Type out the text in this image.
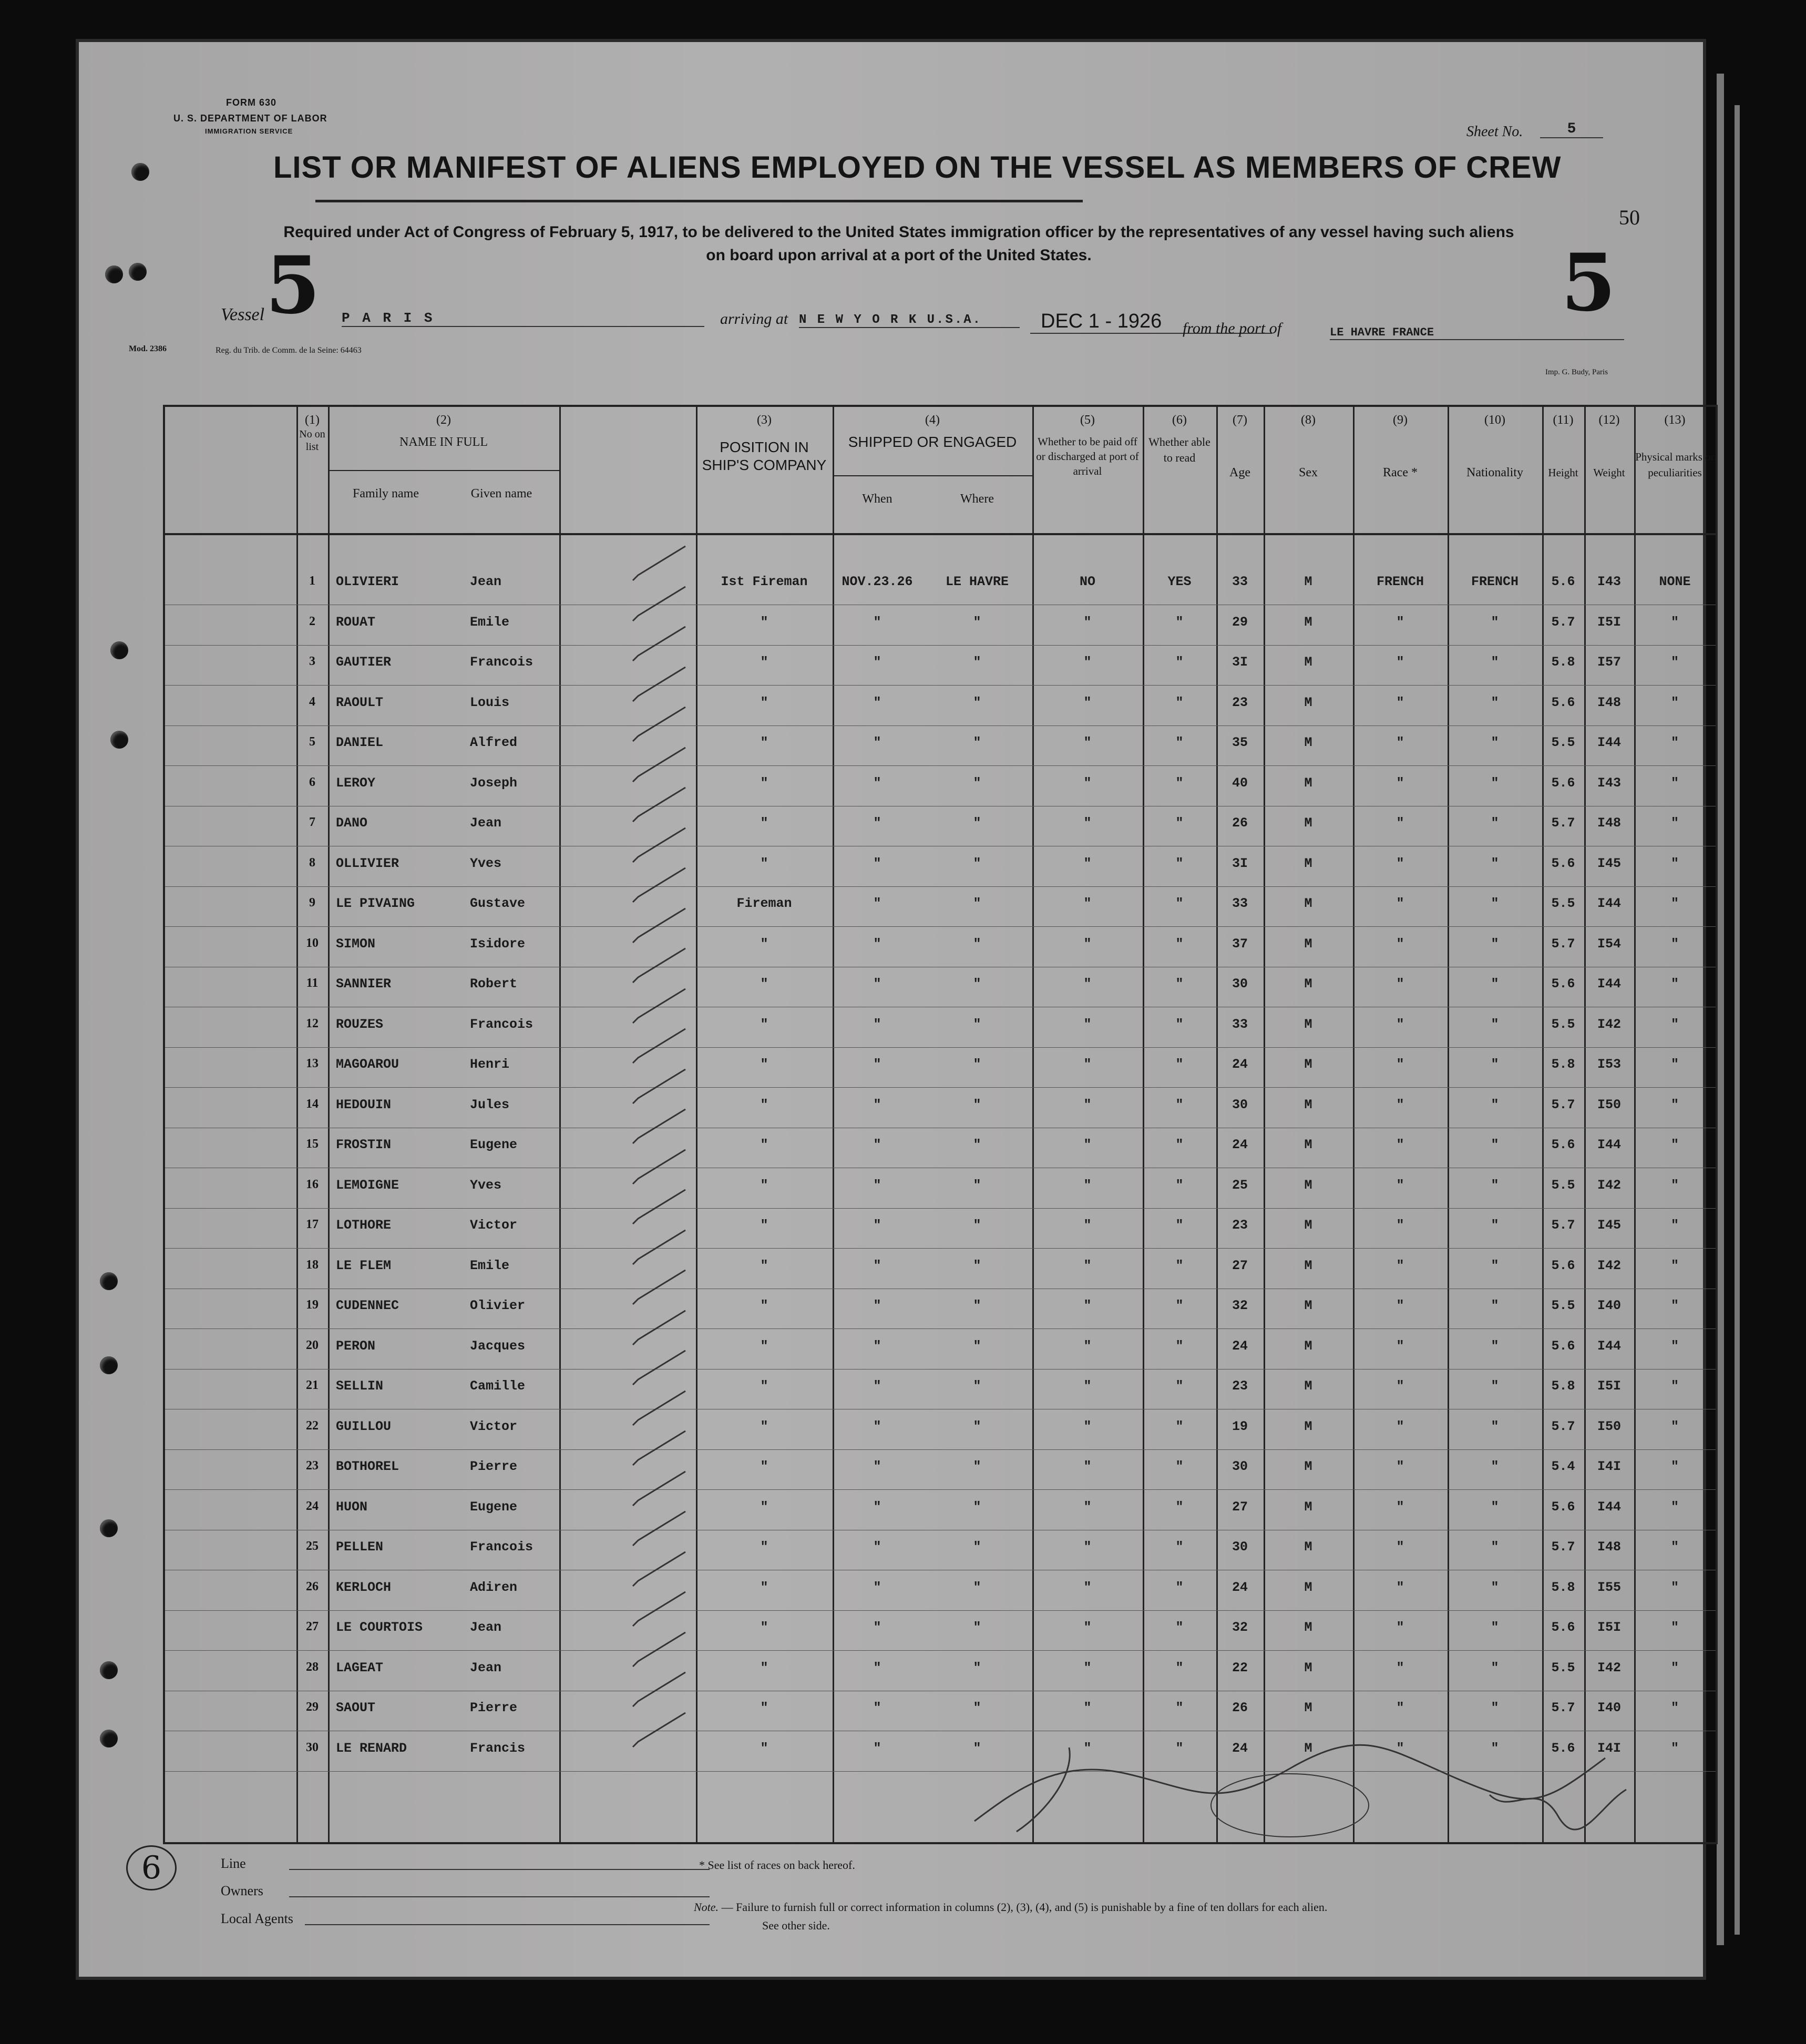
FORM 630
U. S. DEPARTMENT OF LABOR
IMMIGRATION SERVICE	Sheet No.	5
50
LIST OR MANIFEST OF ALIENS EMPLOYED ON THE VESSEL AS MEMBERS OF CREW
Required under Act of Congress of February 5, 1917, to be delivered to the United States immigration officer by the representatives of any vessel having such aliens
on board upon arrival at a port of the United States.
5	5
Vessel	P A R I S	arriving at N E W Y O R K U.S.A.	DEC 1 - 1926	from the port of	LE HAVRE FRANCE
Mod. 2386	Reg. du Trib. de Comm. de la Seine: 64463
Imp. G. Budy, Paris
(1)
No on list
(2)
NAME IN FULL
Family name	Given name
(3)
POSITION IN SHIP'S COMPANY
(4)
SHIPPED OR ENGAGED
When	Where
(5)
Whether to be paid off or discharged at port of arrival
(6)
Whether able to read
(7)
Age
(8)
Sex
(9)
Race *
(10)
Nationality
(11)
Height
(12)
Weight
(13)
Physical marks or peculiarities
1	OLIVIERI	Jean	Ist Fireman	NOV.23.26	LE HAVRE	NO	YES	33	M	FRENCH	FRENCH	5.6	I43	NONE
2	ROUAT	Emile	"	"	"	"	"	29	M	"	"	5.7	I5I	"
3	GAUTIER	Francois	"	"	"	"	"	3I	M	"	"	5.8	I57	"
4	RAOULT	Louis	"	"	"	"	"	23	M	"	"	5.6	I48	"
5	DANIEL	Alfred	"	"	"	"	"	35	M	"	"	5.5	I44	"
6	LEROY	Joseph	"	"	"	"	"	40	M	"	"	5.6	I43	"
7	DANO	Jean	"	"	"	"	"	26	M	"	"	5.7	I48	"
8	OLLIVIER	Yves	"	"	"	"	"	3I	M	"	"	5.6	I45	"
9	LE PIVAING	Gustave	Fireman	"	"	"	"	33	M	"	"	5.5	I44	"
10	SIMON	Isidore	"	"	"	"	"	37	M	"	"	5.7	I54	"
11	SANNIER	Robert	"	"	"	"	"	30	M	"	"	5.6	I44	"
12	ROUZES	Francois	"	"	"	"	"	33	M	"	"	5.5	I42	"
13	MAGOAROU	Henri	"	"	"	"	"	24	M	"	"	5.8	I53	"
14	HEDOUIN	Jules	"	"	"	"	"	30	M	"	"	5.7	I50	"
15	FROSTIN	Eugene	"	"	"	"	"	24	M	"	"	5.6	I44	"
16	LEMOIGNE	Yves	"	"	"	"	"	25	M	"	"	5.5	I42	"
17	LOTHORE	Victor	"	"	"	"	"	23	M	"	"	5.7	I45	"
18	LE FLEM	Emile	"	"	"	"	"	27	M	"	"	5.6	I42	"
19	CUDENNEC	Olivier	"	"	"	"	"	32	M	"	"	5.5	I40	"
20	PERON	Jacques	"	"	"	"	"	24	M	"	"	5.6	I44	"
21	SELLIN	Camille	"	"	"	"	"	23	M	"	"	5.8	I5I	"
22	GUILLOU	Victor	"	"	"	"	"	19	M	"	"	5.7	I50	"
23	BOTHOREL	Pierre	"	"	"	"	"	30	M	"	"	5.4	I4I	"
24	HUON	Eugene	"	"	"	"	"	27	M	"	"	5.6	I44	"
25	PELLEN	Francois	"	"	"	"	"	30	M	"	"	5.7	I48	"
26	KERLOCH	Adiren	"	"	"	"	"	24	M	"	"	5.8	I55	"
27	LE COURTOIS	Jean	"	"	"	"	"	32	M	"	"	5.6	I5I	"
28	LAGEAT	Jean	"	"	"	"	"	22	M	"	"	5.5	I42	"
29	SAOUT	Pierre	"	"	"	"	"	26	M	"	"	5.7	I40	"
30	LE RENARD	Francis	"	"	"	"	"	24	M	"	"	5.6	I4I	"
Line
Owners
Local Agents
* See list of races on back hereof.
Note. — Failure to furnish full or correct information in columns (2), (3), (4), and (5) is punishable by a fine of ten dollars for each alien.
See other side.
6
